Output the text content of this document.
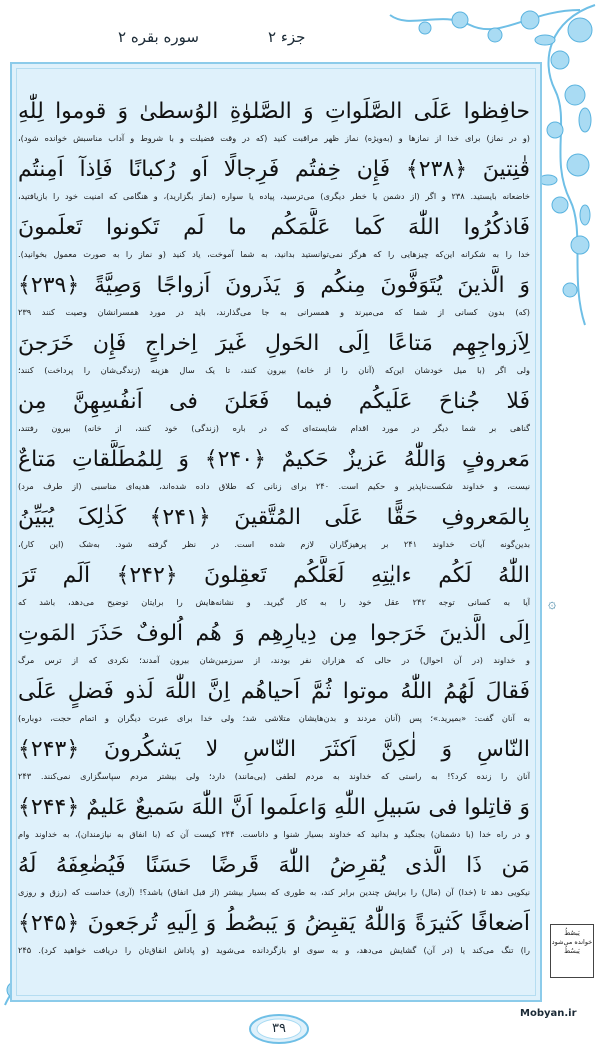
جزء ۲
سوره بقره ۲
حافِظوا عَلَی الصَّلَواتِ وَ الصَّلوٰةِ الوُسطیٰ وَ قوموا لِلّٰهِ
(و در نماز) برای خدا از نمازها و (به‌ویژه) نماز ظهر مراقبت کنید (که در وقت فضیلت و با شروط و آداب مناسبش خوانده شود)،
قٰنِتینَ ﴿۲۳۸﴾ فَإِن خِفتُم فَرِجالًا اَو رُکبانًا فَاِذآ اَمِنتُم
خاضعانه بایستید. ۲۳۸ و اگر (از دشمن یا خطر دیگری) می‌ترسید، پیاده یا سواره (نماز بگزارید)، و هنگامی که امنیت خود را بازیافتید،
فَاذکُرُوا اللّٰهَ کَما عَلَّمَکُم ما لَم تَکونوا تَعلَمونَ
خدا را به شکرانه این‌که چیزهایی را که هرگز نمی‌توانستید بدانید، به شما آموخت، یاد کنید (و نماز را به صورت معمول بخوانید).
وَ الَّذینَ یُتَوَفَّونَ مِنکُم وَ یَذَرونَ اَزواجًا وَصِیَّةً ﴿۲۳۹﴾
(که) بدون کسانی از شما که می‌میرند و همسرانی به جا می‌گذارند، باید در مورد همسرانشان وصیت کنند ۲۳۹
لِاَزواجِهِم مَتاعًا اِلَی الحَولِ غَیرَ اِخراجٍ فَإِن خَرَجنَ
ولی اگر (با میل خودشان این‌که (آنان را از خانه) بیرون کنند، تا یک سال هزینه (زندگی‌شان را پرداخت) کنند؛
فَلا جُناحَ عَلَیکُم فیما فَعَلنَ فی اَنفُسِهِنَّ مِن
گناهی بر شما دیگر در مورد اقدام شایسته‌ای که در باره (زندگی) خود کنند، از خانه) بیرون رفتند،
مَعروفٍ وَاللّٰهُ عَزیزٌ حَکیمٌ ﴿۲۴۰﴾ وَ لِلمُطَلَّقاتِ مَتاعٌ
نیست، و خداوند شکست‌ناپذیر و حکیم است. ۲۴۰ برای زنانی که طلاق داده شده‌اند، هدیه‌ای مناسبی (از طرف مرد)
بِالمَعروفِ حَقًّا عَلَی المُتَّقینَ ﴿۲۴۱﴾ کَذٰلِکَ یُبَیِّنُ
بدین‌گونه آیات خداوند ۲۴۱ بر پرهیزگاران لازم شده است. در نظر گرفته شود. به‌شک (این کار)،
اللّٰهُ لَکُم ءایٰتِهِ لَعَلَّکُم تَعقِلونَ ﴿۲۴۲﴾ اَلَم تَرَ
آیا به کسانی توجه ۲۴۲ عقل خود را به کار گیرید. و نشانه‌هایش را برایتان توضیح می‌دهد، باشد که
اِلَی الَّذینَ خَرَجوا مِن دِیارِهِم وَ هُم اُلوفٌ حَذَرَ المَوتِ
و خداوند (در آن احوال) در حالی که هزاران نفر بودند، از سرزمین‌شان بیرون آمدند؛ نکردی که از ترس مرگ
فَقالَ لَهُمُ اللّٰهُ موتوا ثُمَّ اَحیاهُم اِنَّ اللّٰهَ لَذو فَضلٍ عَلَی
به آنان گفت: «بمیرید.»؛ پس (آنان مردند و بدن‌هایشان متلاشی شد؛ ولی خدا برای عبرت دیگران و اتمام حجت، دوباره)
النّاسِ وَ لٰکِنَّ اَکثَرَ النّاسِ لا یَشکُرونَ ﴿۲۴۳﴾
آنان را زنده کرد؟! به راستی که خداوند به مردم لطفی (بی‌مانند) دارد؛ ولی بیشتر مردم سپاسگزاری نمی‌کنند. ۲۴۳
وَ قاتِلوا فی سَبیلِ اللّٰهِ وَاعلَموا اَنَّ اللّٰهَ سَمیعٌ عَلیمٌ ﴿۲۴۴﴾
و در راه خدا (با دشمنان) بجنگید و بدانید که خداوند بسیار شنوا و داناست. ۲۴۴ کیست آن که (با انفاق به نیازمندان)، به خداوند وام
مَن ذَا الَّذی یُقرِضُ اللّٰهَ قَرضًا حَسَنًا فَیُضٰعِفَهُ لَهُ
نیکویی دهد تا (خدا) آن (مال) را برایش چندین برابر کند، به طوری که بسیار بیشتر (از قبل انفاق) باشد؟! (آری) خداست که (رزق و روزی
اَضعافًا کَثیرَةً وَاللّٰهُ یَقبِضُ وَ یَبصُطُ وَ اِلَیهِ تُرجَعونَ ﴿۲۴۵﴾
را) تنگ می‌کند یا (در آن) گشایش می‌دهد، و به سوی او بازگردانده می‌شوید (و پاداش انفاق‌تان را دریافت خواهید کرد). ۲۴۵
۞
یَبصُطُ
خوانده می‌شود
یَبسُطُ
Mobyan.ir
۳۹
